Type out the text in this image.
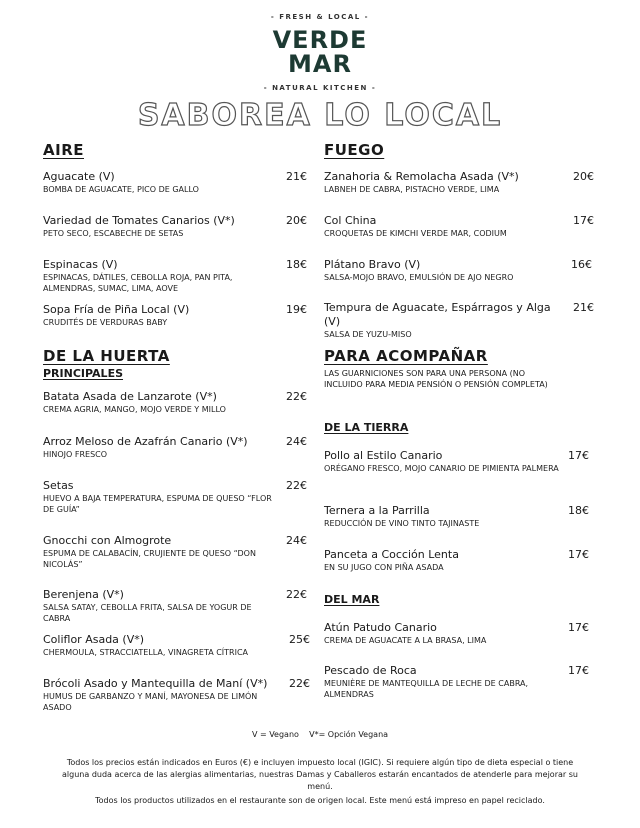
- FRESH & LOCAL -
VERDE
MAR
- NATURAL KITCHEN -
SABOREA LO LOCAL
AIRE
Aguacate (V)
BOMBA DE AGUACATE, PICO DE GALLO
21€
Variedad de Tomates Canarios (V*)
PETO SECO, ESCABECHE DE SETAS
20€
Espinacas (V)
ESPINACAS, DÁTILES, CEBOLLA ROJA, PAN PITA, ALMENDRAS, SUMAC, LIMA, AOVE
18€
Sopa Fría de Piña Local (V)
CRUDITÉS DE VERDURAS BABY
19€
DE LA HUERTA
PRINCIPALES
Batata Asada de Lanzarote (V*)
CREMA AGRIA, MANGO, MOJO VERDE Y MILLO
22€
Arroz Meloso de Azafrán Canario (V*)
HINOJO FRESCO
24€
Setas
HUEVO A BAJA TEMPERATURA, ESPUMA DE QUESO “FLOR DE GUÍA”
22€
Gnocchi con Almogrote
ESPUMA DE CALABACÍN, CRUJIENTE DE QUESO “DON NICOLÁS”
24€
Berenjena (V*)
SALSA SATAY, CEBOLLA FRITA, SALSA DE YOGUR DE CABRA
22€
Coliflor Asada (V*)
CHERMOULA, STRACCIATELLA, VINAGRETA CÍTRICA
25€
Brócoli Asado y Mantequilla de Maní (V*)
HUMUS DE GARBANZO Y MANÍ, MAYONESA DE LIMÓN ASADO
22€
FUEGO
Zanahoria & Remolacha Asada (V*)
LABNEH DE CABRA, PISTACHO VERDE, LIMA
20€
Col China
CROQUETAS DE KIMCHI VERDE MAR, CODIUM
17€
Plátano Bravo (V)
SALSA-MOJO BRAVO, EMULSIÓN DE AJO NEGRO
16€
Tempura de Aguacate, Espárragos y Alga (V)
SALSA DE YUZU-MISO
21€
PARA ACOMPAÑAR
LAS GUARNICIONES SON PARA UNA PERSONA (NO INCLUIDO PARA MEDIA PENSIÓN O PENSIÓN COMPLETA)
DE LA TIERRA
Pollo al Estilo Canario
ORÉGANO FRESCO, MOJO CANARIO DE PIMIENTA PALMERA
17€
Ternera a la Parrilla
REDUCCIÓN DE VINO TINTO TAJINASTE
18€
Panceta a Cocción Lenta
EN SU JUGO CON PIÑA ASADA
17€
DEL MAR
Atún Patudo Canario
CREMA DE AGUACATE A LA BRASA, LIMA
17€
Pescado de Roca
MEUNIÈRE DE MANTEQUILLA DE LECHE DE CABRA, ALMENDRAS
17€
V = Vegano    V*= Opción Vegana
Todos los precios están indicados en Euros (€) e incluyen impuesto local (IGIC). Si requiere algún tipo de dieta especial o tiene alguna duda acerca de las alergias alimentarias, nuestras Damas y Caballeros estarán encantados de atenderle para mejorar su menú.
Todos los productos utilizados en el restaurante son de origen local. Este menú está impreso en papel reciclado.
